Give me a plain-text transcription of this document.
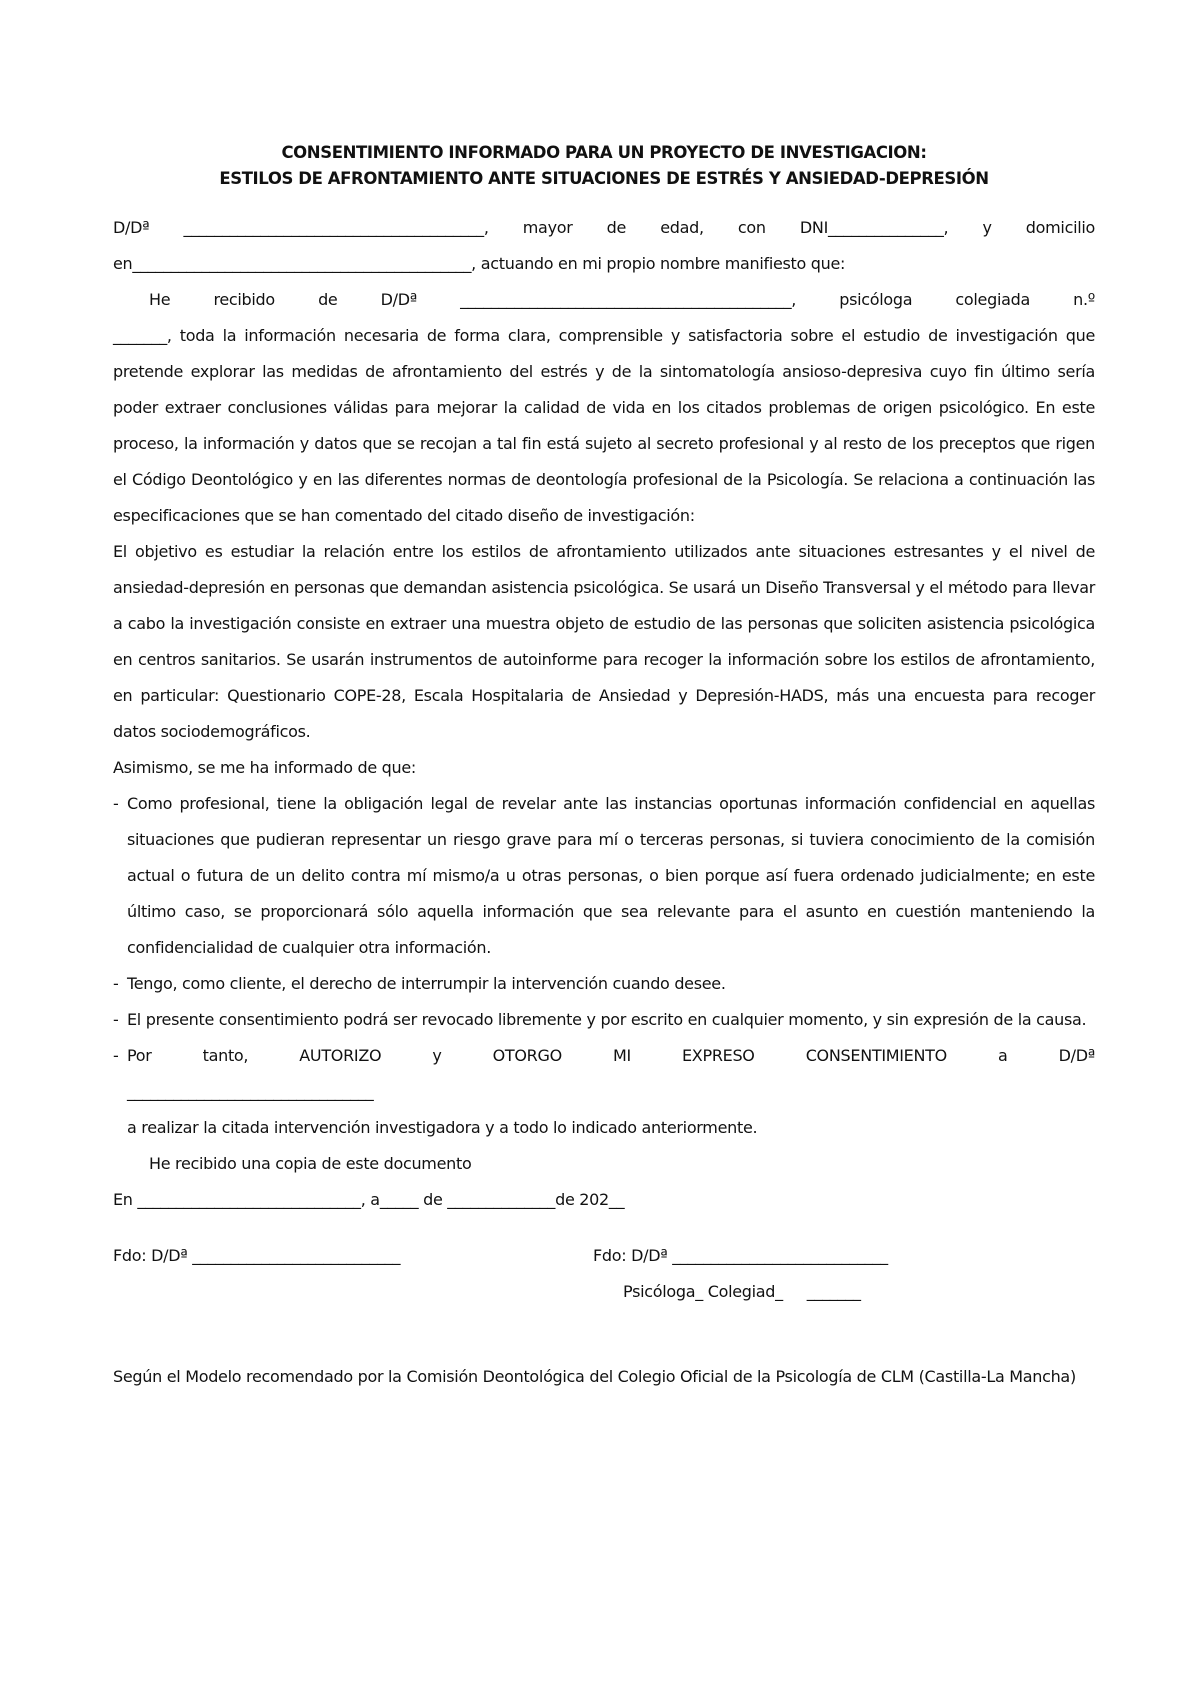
CONSENTIMIENTO INFORMADO PARA UN PROYECTO DE INVESTIGACION:
ESTILOS DE AFRONTAMIENTO ANTE SITUACIONES DE ESTRÉS Y ANSIEDAD-DEPRESIÓN
D/Dª _______________________________________, mayor de edad, con DNI_______________, y domicilio
en____________________________________________, actuando en mi propio nombre manifiesto que:
He recibido de D/Dª ___________________________________________, psicóloga colegiada n.º
_______, toda la información necesaria de forma clara, comprensible y satisfactoria sobre el estudio de investigación que pretende explorar las medidas de afrontamiento del estrés y de la sintomatología ansioso-depresiva cuyo fin último sería poder extraer conclusiones válidas para mejorar la calidad de vida en los citados problemas de origen psicológico. En este proceso, la información y datos que se recojan a tal fin está sujeto al secreto profesional y al resto de los preceptos que rigen el Código Deontológico y en las diferentes normas de deontología profesional de la Psicología. Se relaciona a continuación las especificaciones que se han comentado del citado diseño de investigación:
El objetivo es estudiar la relación entre los estilos de afrontamiento utilizados ante situaciones estresantes y el nivel de ansiedad-depresión en personas que demandan asistencia psicológica. Se usará un Diseño Transversal y el método para llevar a cabo la investigación consiste en extraer una muestra objeto de estudio de las personas que soliciten asistencia psicológica en centros sanitarios. Se usarán instrumentos de autoinforme para recoger la información sobre los estilos de afrontamiento, en particular: Questionario COPE-28, Escala Hospitalaria de Ansiedad y Depresión-HADS, más una encuesta para recoger datos sociodemográficos.
Asimismo, se me ha informado de que:
- Como profesional, tiene la obligación legal de revelar ante las instancias oportunas información confidencial en aquellas situaciones que pudieran representar un riesgo grave para mí o terceras personas, si tuviera conocimiento de la comisión actual o futura de un delito contra mí mismo/a u otras personas, o bien porque así fuera ordenado judicialmente; en este último caso, se proporcionará sólo aquella información que sea relevante para el asunto en cuestión manteniendo la confidencialidad de cualquier otra información.
- Tengo, como cliente, el derecho de interrumpir la intervención cuando desee.
- El presente consentimiento podrá ser revocado libremente y por escrito en cualquier momento, y sin expresión de la causa.
- Por	tanto,	AUTORIZO	y	OTORGO	MI	EXPRESO	CONSENTIMIENTO	a	D/Dª
________________________________
a realizar la citada intervención investigadora y a todo lo indicado anteriormente.
He recibido una copia de este documento
En _____________________________, a_____ de ______________de 202__
Fdo: D/Dª ___________________________	Fdo: D/Dª ____________________________
Psicóloga_ Colegiad_     _______
Según el Modelo recomendado por la Comisión Deontológica del Colegio Oficial de la Psicología de CLM (Castilla-La Mancha)
